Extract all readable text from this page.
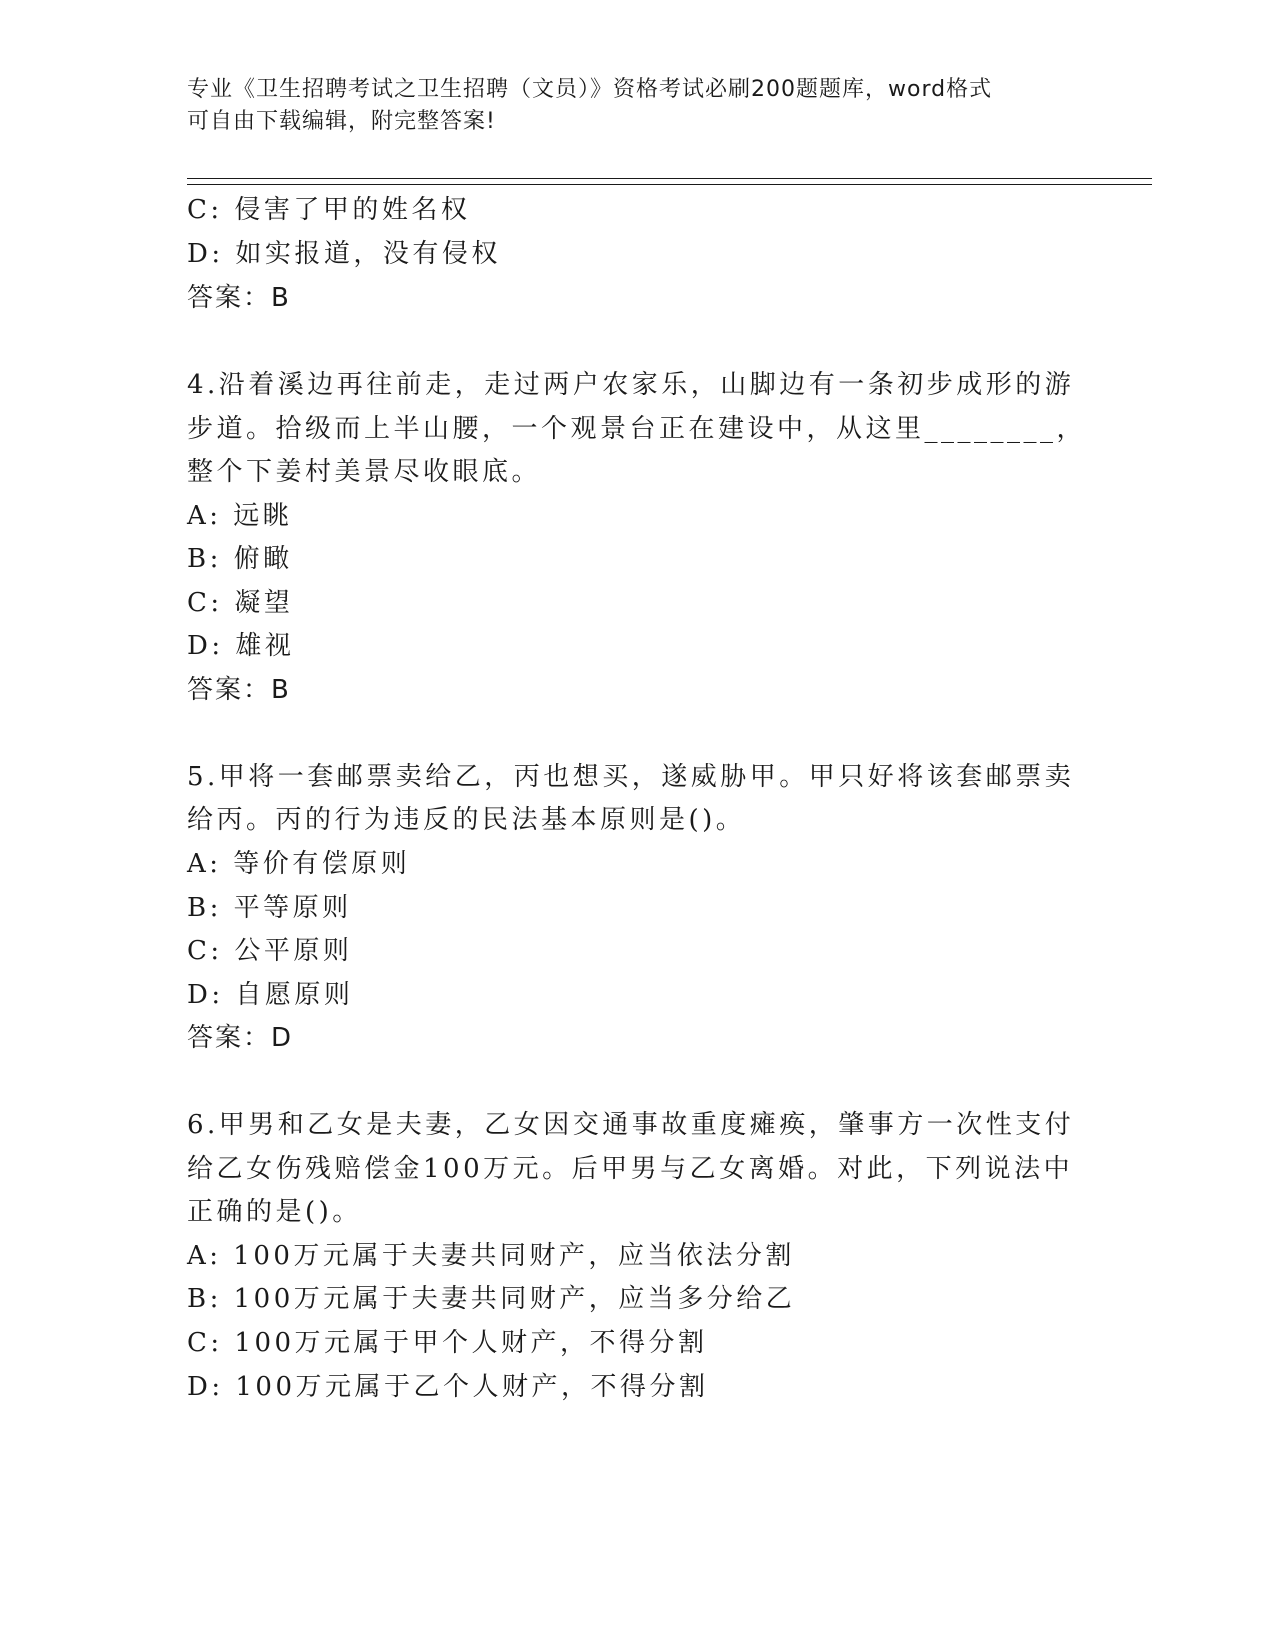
专业《卫生招聘考试之卫生招聘（文员）》资格考试必刷200题题库，word格式
可自由下载编辑，附完整答案!
C: 侵害了甲的姓名权
D: 如实报道，没有侵权
答案：B
4.沿着溪边再往前走，走过两户农家乐，山脚边有一条初步成形的游
步道。拾级而上半山腰，一个观景台正在建设中，从这里________，
整个下姜村美景尽收眼底。
A: 远眺
B: 俯瞰
C: 凝望
D: 雄视
答案：B
5.甲将一套邮票卖给乙，丙也想买，遂威胁甲。甲只好将该套邮票卖
给丙。丙的行为违反的民法基本原则是()。
A: 等价有偿原则
B: 平等原则
C: 公平原则
D: 自愿原则
答案：D
6.甲男和乙女是夫妻，乙女因交通事故重度瘫痪，肇事方一次性支付
给乙女伤残赔偿金100万元。后甲男与乙女离婚。对此，下列说法中
正确的是()。
A: 100万元属于夫妻共同财产，应当依法分割
B: 100万元属于夫妻共同财产，应当多分给乙
C: 100万元属于甲个人财产，不得分割
D: 100万元属于乙个人财产，不得分割
